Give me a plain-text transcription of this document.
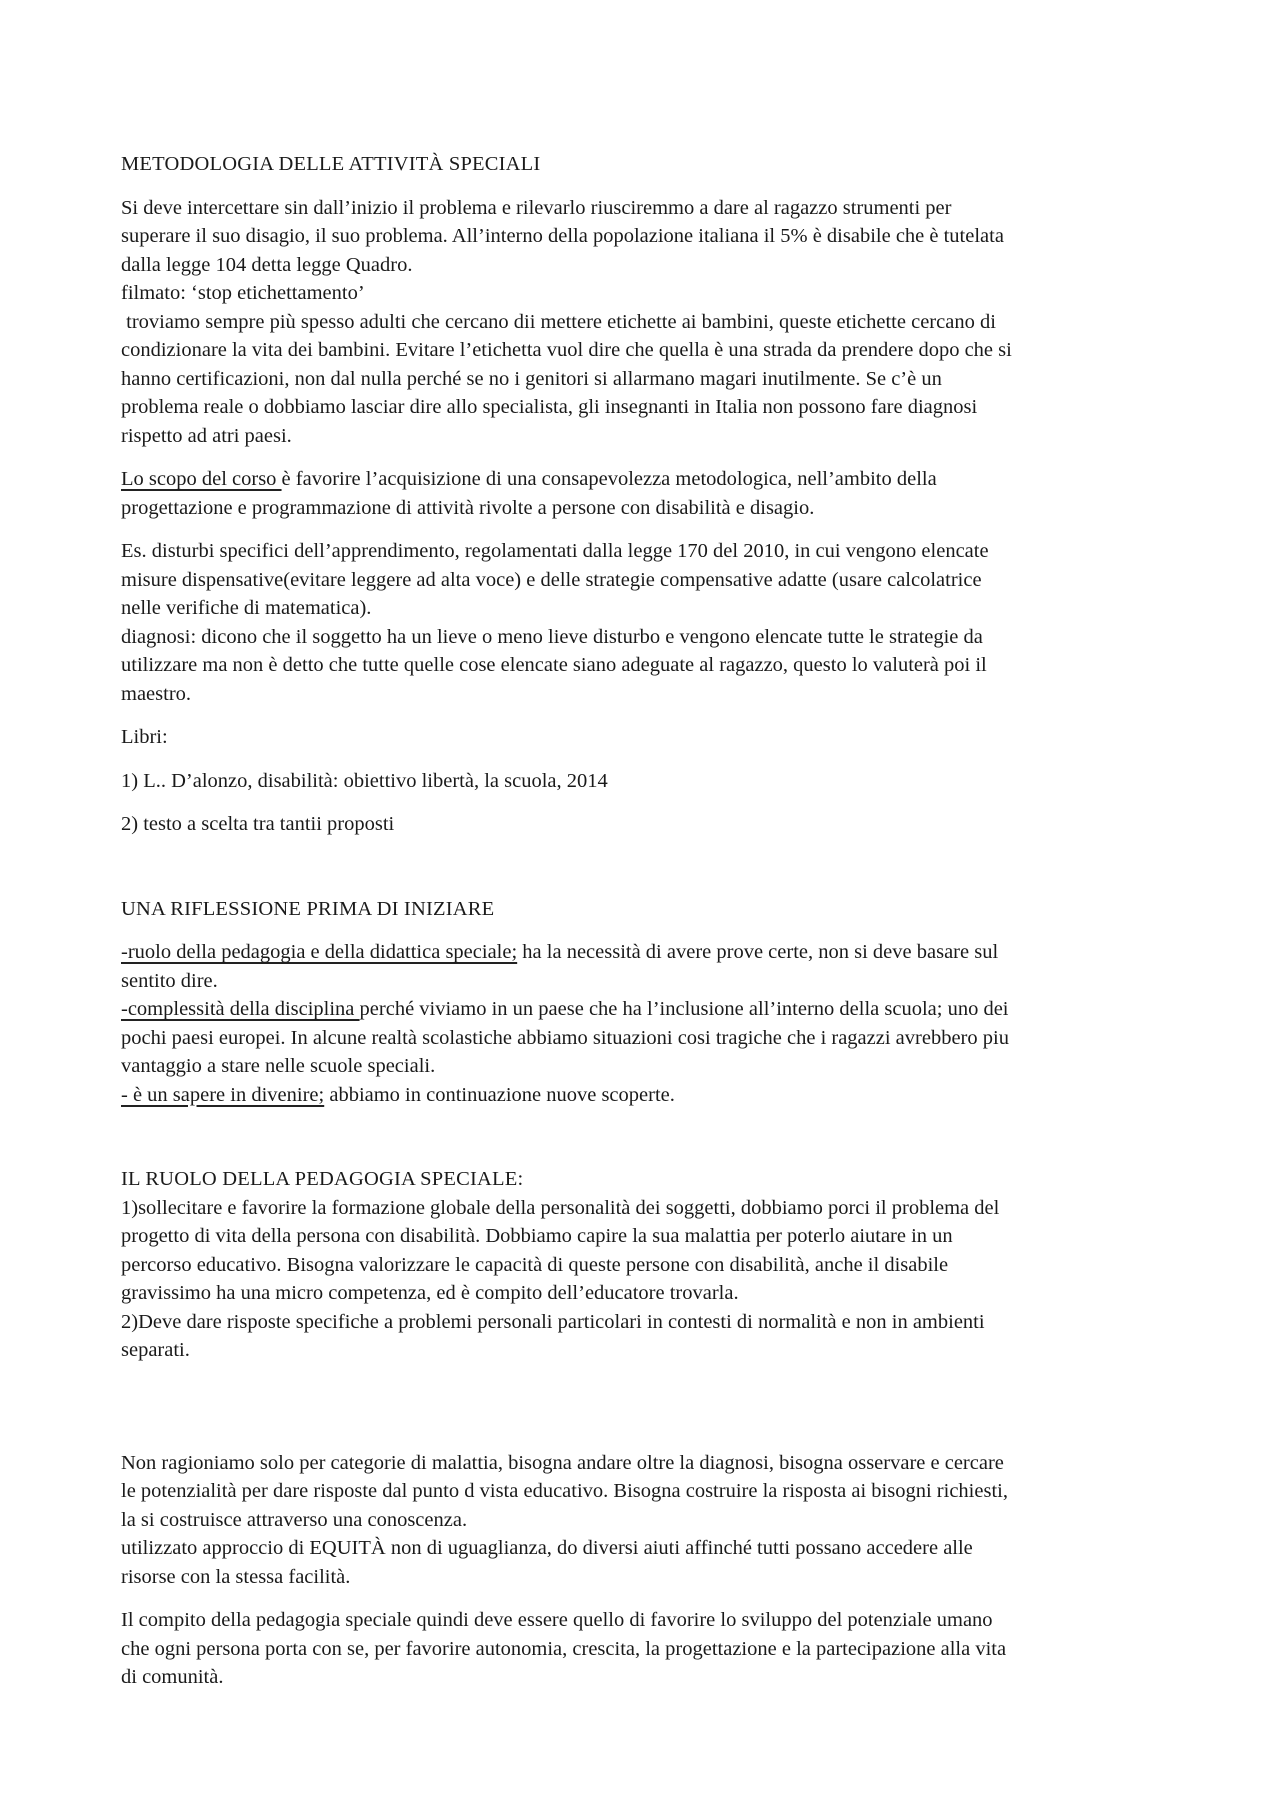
METODOLOGIA DELLE ATTIVITÀ SPECIALI

Si deve intercettare sin dall’inizio il problema e rilevarlo riusciremmo a dare al ragazzo strumenti per

superare il suo disagio, il suo problema. All’interno della popolazione italiana il 5% è disabile che è tutelata

dalla legge 104 detta legge Quadro.

filmato: ‘stop etichettamento’

troviamo sempre più spesso adulti che cercano dii mettere etichette ai bambini, queste etichette cercano di

condizionare la vita dei bambini. Evitare l’etichetta vuol dire che quella è una strada da prendere dopo che si

hanno certificazioni, non dal nulla perché se no i genitori si allarmano magari inutilmente. Se c’è un

problema reale o dobbiamo lasciar dire allo specialista, gli insegnanti in Italia non possono fare diagnosi

rispetto ad atri paesi.

Lo scopo del corso è favorire l’acquisizione di una consapevolezza metodologica, nell’ambito della

progettazione e programmazione di attività rivolte a persone con disabilità e disagio.

Es. disturbi specifici dell’apprendimento, regolamentati dalla legge 170 del 2010, in cui vengono elencate

misure dispensative(evitare leggere ad alta voce) e delle strategie compensative adatte (usare calcolatrice

nelle verifiche di matematica).

diagnosi: dicono che il soggetto ha un lieve o meno lieve disturbo e vengono elencate tutte le strategie da

utilizzare ma non è detto che tutte quelle cose elencate siano adeguate al ragazzo, questo lo valuterà poi il

maestro.

Libri:

1) L.. D’alonzo, disabilità: obiettivo libertà, la scuola, 2014

2) testo a scelta tra tantii proposti

UNA RIFLESSIONE PRIMA DI INIZIARE

-ruolo della pedagogia e della didattica speciale; ha la necessità di avere prove certe, non si deve basare sul

sentito dire.

-complessità della disciplina perché viviamo in un paese che ha l’inclusione all’interno della scuola; uno dei

pochi paesi europei. In alcune realtà scolastiche abbiamo situazioni cosi tragiche che i ragazzi avrebbero piu

vantaggio a stare nelle scuole speciali.

- è un sapere in divenire; abbiamo in continuazione nuove scoperte.

IL RUOLO DELLA PEDAGOGIA SPECIALE:

1)sollecitare e favorire la formazione globale della personalità dei soggetti, dobbiamo porci il problema del

progetto di vita della persona con disabilità. Dobbiamo capire la sua malattia per poterlo aiutare in un

percorso educativo. Bisogna valorizzare le capacità di queste persone con disabilità, anche il disabile

gravissimo ha una micro competenza, ed è compito dell’educatore trovarla.

2)Deve dare risposte specifiche a problemi personali particolari in contesti di normalità e non in ambienti

separati.

Non ragioniamo solo per categorie di malattia, bisogna andare oltre la diagnosi, bisogna osservare e cercare

le potenzialità per dare risposte dal punto d vista educativo. Bisogna costruire la risposta ai bisogni richiesti,

la si costruisce attraverso una conoscenza.

utilizzato approccio di EQUITÀ non di uguaglianza, do diversi aiuti affinché tutti possano accedere alle

risorse con la stessa facilità.

Il compito della pedagogia speciale quindi deve essere quello di favorire lo sviluppo del potenziale umano

che ogni persona porta con se, per favorire autonomia, crescita, la progettazione e la partecipazione alla vita

di comunità.
